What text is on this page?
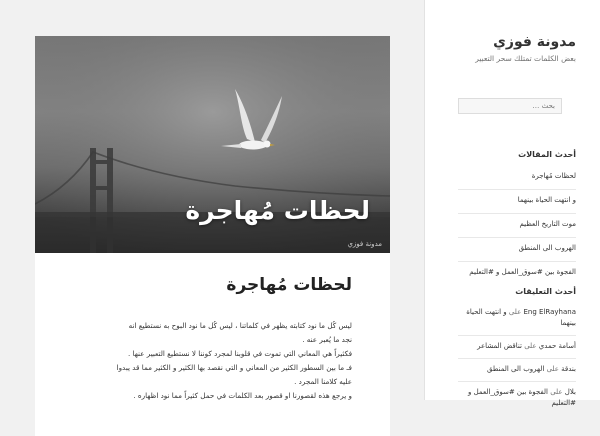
لحظات مُهاجرة
مدونة فوزي
لحظات مُهاجرة

ليس كُل ما نود كتابته يظهر في كلماتنا ، ليس كُل ما نود البوح به نستطيع انه

نجد ما يُعبر عنه .

فكثيراً هي المعاني التي تموت في قلوبنا لمجرد كوننا لا نستطيع التعبير عنها .

فـ ما بين السطور الكثير من المعاني و التي نقصد بها الكثير و الكثير مما قد يبدوا

عليه كلامنا المجرد .

و يرجع هذه لقصورنا او قصور بعد الكلمات في حمل كثيراً مما نود اظهاره .

مدونة فوزي
بعض الكلمات تمتلك سحر التعبير
بحث …
أحدث المقالات
لحظات مُهاجرة
و انتهت الحياة بينهما
موت التاريخ العظيم
الهروب الى المنطق
الفجوة بين #سوق_العمل و #التعليم
أحدث التعليقات
Eng ElRayhana على و انتهت الحياة بينهما
أسامة حمدي على تناقض المشاعر
بندقة على الهروب الى المنطق
بلال على الفجوة بين #سوق_العمل و #التعليم
